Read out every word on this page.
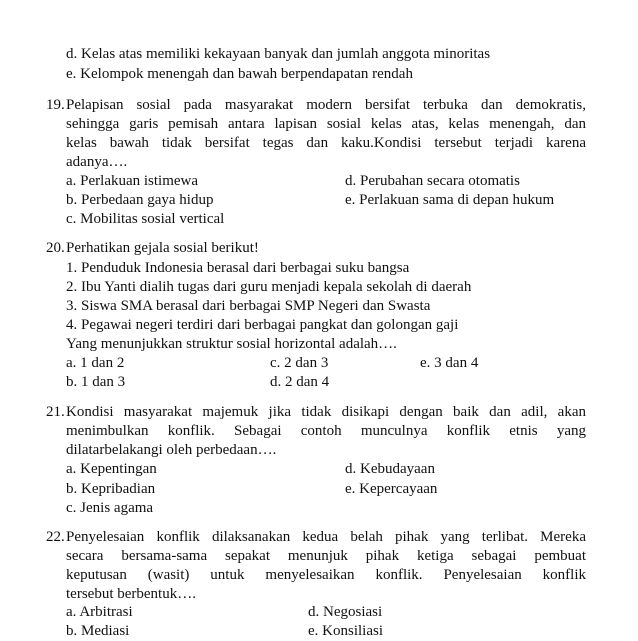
d. Kelas atas memiliki kekayaan banyak dan jumlah anggota minoritas
e. Kelompok menengah dan bawah berpendapatan rendah
19. Pelapisan sosial pada masyarakat modern bersifat terbuka dan demokratis,
sehingga garis pemisah antara lapisan sosial kelas atas, kelas menengah, dan
kelas bawah tidak bersifat tegas dan kaku.Kondisi tersebut terjadi karena
adanya….
a. Perlakuan istimewa
b. Perbedaan gaya hidup
c. Mobilitas sosial vertical
d. Perubahan secara otomatis
e. Perlakuan sama di depan hukum
20. Perhatikan gejala sosial berikut!
1. Penduduk Indonesia berasal dari berbagai suku bangsa
2. Ibu Yanti dialih tugas dari guru menjadi kepala sekolah di daerah
3. Siswa SMA berasal dari berbagai SMP Negeri dan Swasta
4. Pegawai negeri terdiri dari berbagai pangkat dan golongan gaji
Yang menunjukkan struktur sosial horizontal adalah….
a. 1 dan 2
b. 1 dan 3
c. 2 dan 3
d. 2 dan 4
e. 3 dan 4
21. Kondisi masyarakat majemuk jika tidak disikapi dengan baik dan adil, akan
menimbulkan konflik. Sebagai contoh munculnya konflik etnis yang
dilatarbelakangi oleh perbedaan….
a. Kepentingan
b. Kepribadian
c. Jenis agama
d. Kebudayaan
e. Kepercayaan
22. Penyelesaian konflik dilaksanakan kedua belah pihak yang terlibat. Mereka
secara bersama-sama sepakat menunjuk pihak ketiga sebagai pembuat
keputusan (wasit) untuk menyelesaikan konflik. Penyelesaian konflik
tersebut berbentuk….
a. Arbitrasi
b. Mediasi
d. Negosiasi
e. Konsiliasi
